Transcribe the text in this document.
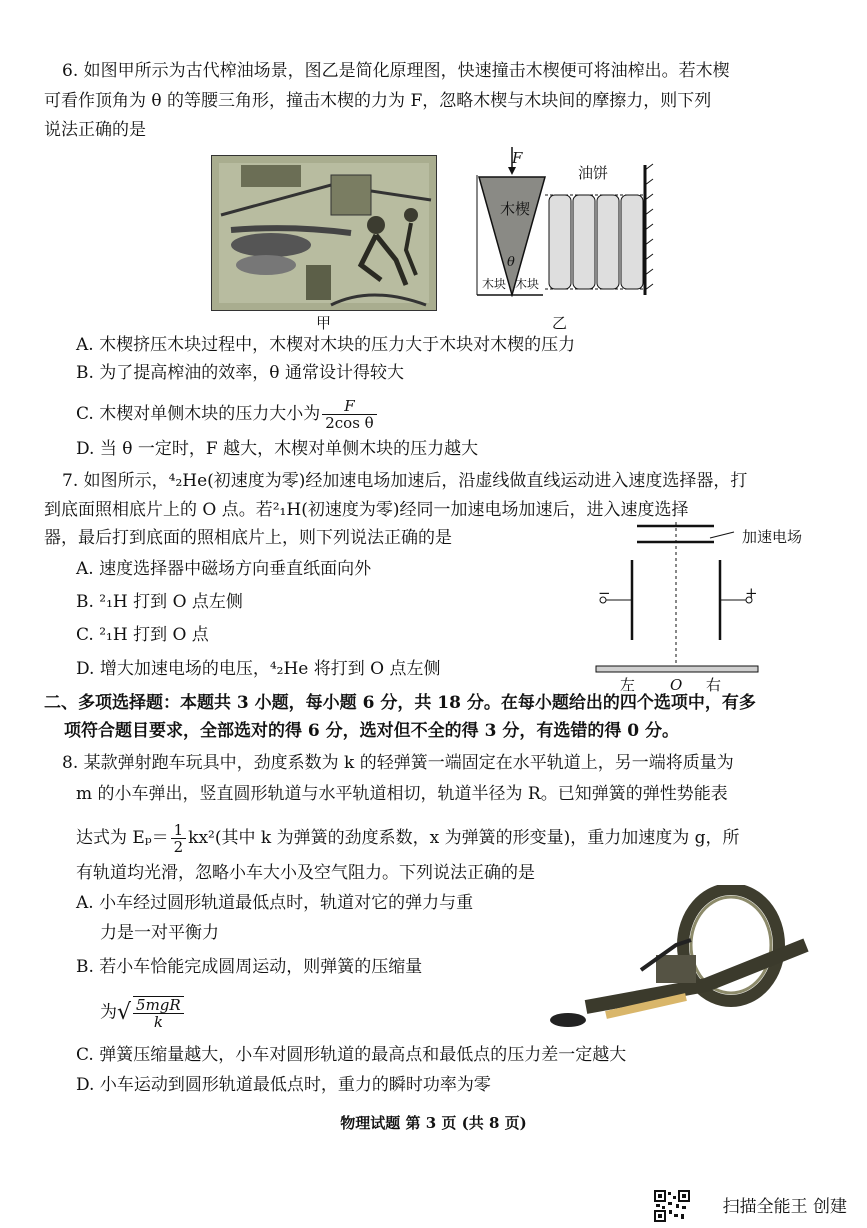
6. 如图甲所示为古代榨油场景，图乙是简化原理图，快速撞击木楔便可将油榨出。若木楔
可看作顶角为 θ 的等腰三角形，撞击木楔的力为 F，忽略木楔与木块间的摩擦力，则下列
说法正确的是
甲
F
木楔
θ
木块 木块
油饼
乙
A. 木楔挤压木块过程中，木楔对木块的压力大于木块对木楔的压力
B. 为了提高榨油的效率，θ 通常设计得较大
C. 木楔对单侧木块的压力大小为 $\frac{F}{\text{2cos θ}}$
D. 当 θ 一定时，F 越大，木楔对单侧木块的压力越大
7. 如图所示，⁴₂He(初速度为零)经加速电场加速后，沿虚线做直线运动进入速度选择器，打
到底面照相底片上的 O 点。若²₁H(初速度为零)经同一加速电场加速后，进入速度选择
器，最后打到底面的照相底片上，则下列说法正确的是
A. 速度选择器中磁场方向垂直纸面向外
B. ²₁H 打到 O 点左侧
C. ²₁H 打到 O 点
D. 增大加速电场的电压，⁴₂He 将打到 O 点左侧
加速电场
−	+
左 O 右
二、多项选择题：本题共 3 小题，每小题 6 分，共 18 分。在每小题给出的四个选项中，有多
项符合题目要求，全部选对的得 6 分，选对但不全的得 3 分，有选错的得 0 分。
8. 某款弹射跑车玩具中，劲度系数为 k 的轻弹簧一端固定在水平轨道上，另一端将质量为
m 的小车弹出，竖直圆形轨道与水平轨道相切，轨道半径为 R。已知弹簧的弹性势能表
达式为 $E_p= \frac{1}{2} kx^2$(其中 k 为弹簧的劲度系数，x 为弹簧的形变量)，重力加速度为 g，所
有轨道均光滑，忽略小车大小及空气阻力。下列说法正确的是
A. 小车经过圆形轨道最低点时，轨道对它的弹力与重
力是一对平衡力
B. 若小车恰能完成圆周运动，则弹簧的压缩量
为√ $\frac{\text{5mgR}}{k}$
C. 弹簧压缩量越大，小车对圆形轨道的最高点和最低点的压力差一定越大
D. 小车运动到圆形轨道最低点时，重力的瞬时功率为零
物理试题 第 3 页 (共 8 页)
扫描全能王 创建
